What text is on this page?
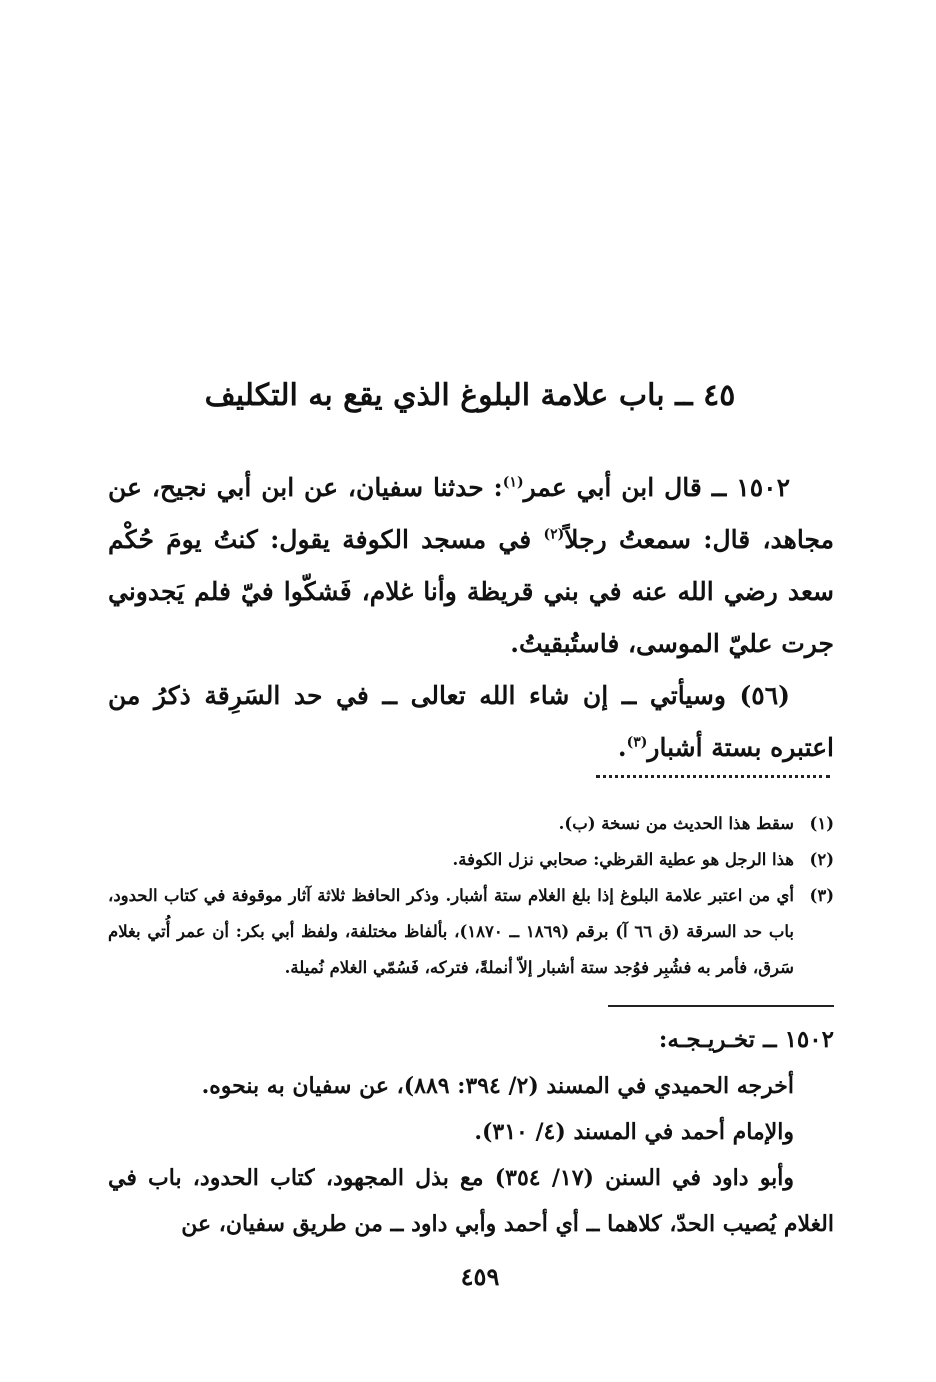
٤٥ ــ باب علامة البلوغ الذي يقع به التكليف

١٥٠٢ ــ قال ابن أبي عمر$^{(١)}$: حدثنا سفيان، عن ابن أبي نجيح، عن مجاهد، قال: سمعتُ رجلاً$^{(٢)}$ في مسجد الكوفة يقول: كنتُ يومَ حُكْم سعد رضي الله عنه في بني قريظة وأنا غلام، فَشكّوا فيّ فلم يَجدوني جرت عليّ الموسى، فاستُبقيتُ.

(٥٦) وسيأتي ــ إن شاء الله تعالى ــ في حد السَرِقة ذكرُ من اعتبره بستة أشبار$^{(٣)}$.

(١)
سقط هذا الحديث من نسخة (ب).
(٢)
هذا الرجل هو عطية القرظي: صحابي نزل الكوفة.
(٣)
أي من اعتبر علامة البلوغ إذا بلغ الغلام ستة أشبار. وذكر الحافظ ثلاثة آثار موقوفة في كتاب الحدود، باب حد السرقة (ق ٦٦ آ) برقم (١٨٦٩ ــ ١٨٧٠)، بألفاظ مختلفة، ولفظ أبي بكر: أن عمر أُتي بغلام سَرق، فأمر به فشُبِر فوُجد ستة أشبار إلاّ أنملةً، فتركه، فَسُمّي الغلام نُميلة.

١٥٠٢ ــ تخـريـجـه:

أخرجه الحميدي في المسند (٢/ ٣٩٤: ٨٨٩)، عن سفيان به بنحوه.

والإمام أحمد في المسند (٤/ ٣١٠).

وأبو داود في السنن (١٧/ ٣٥٤) مع بذل المجهود، كتاب الحدود، باب في الغلام يُصيب الحدّ، كلاهما ــ أي أحمد وأبي داود ــ من طريق سفيان، عن

٤٥٩
